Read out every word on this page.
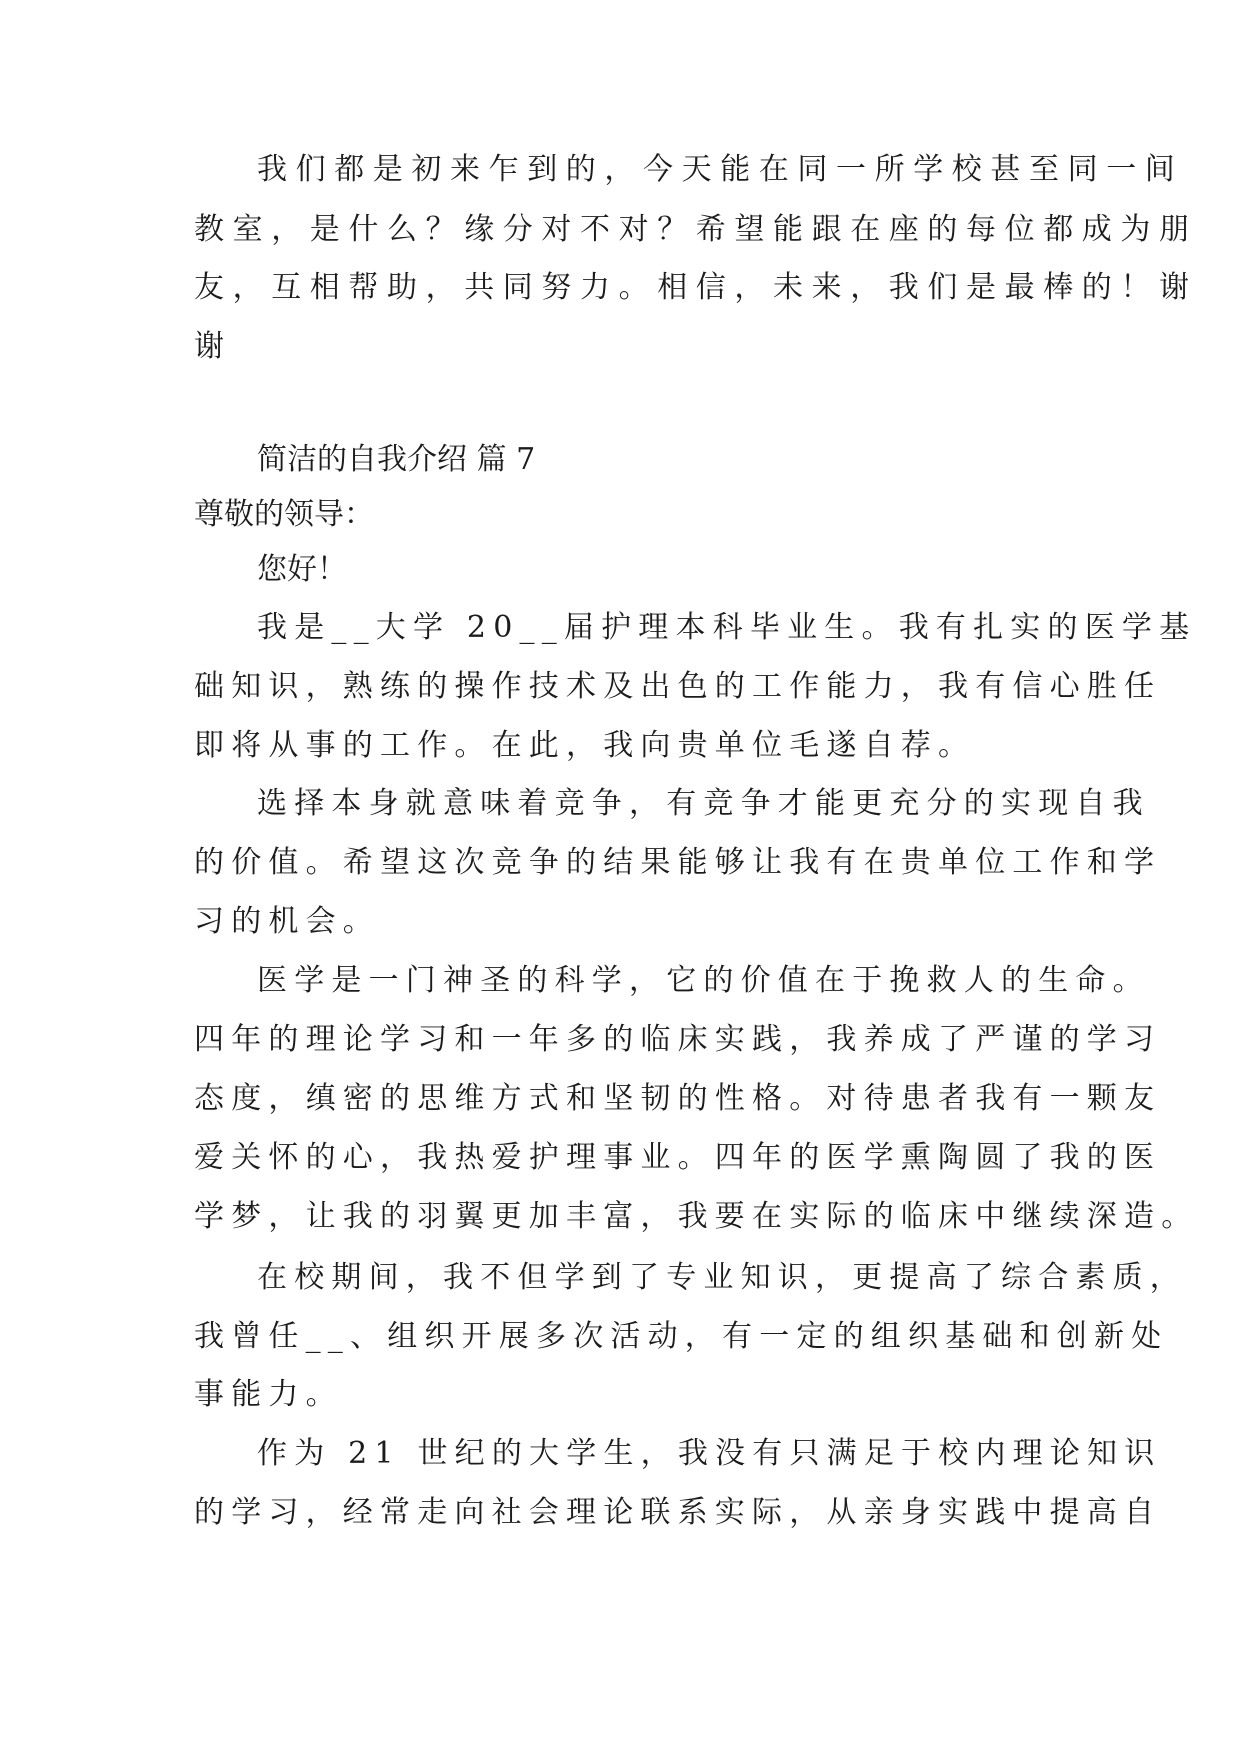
我们都是初来乍到的，今天能在同一所学校甚至同一间
教室，是什么？缘分对不对？希望能跟在座的每位都成为朋
友，互相帮助，共同努力。相信，未来，我们是最棒的！谢
谢
简洁的自我介绍 篇 7
尊敬的领导：
您好！
我是__大学 20__届护理本科毕业生。我有扎实的医学基
础知识，熟练的操作技术及出色的工作能力，我有信心胜任
即将从事的工作。在此，我向贵单位毛遂自荐。
选择本身就意味着竞争，有竞争才能更充分的实现自我
的价值。希望这次竞争的结果能够让我有在贵单位工作和学
习的机会。
医学是一门神圣的科学，它的价值在于挽救人的生命。
四年的理论学习和一年多的临床实践，我养成了严谨的学习
态度，缜密的思维方式和坚韧的性格。对待患者我有一颗友
爱关怀的心，我热爱护理事业。四年的医学熏陶圆了我的医
学梦，让我的羽翼更加丰富，我要在实际的临床中继续深造。
在校期间，我不但学到了专业知识，更提高了综合素质，
我曾任__、组织开展多次活动，有一定的组织基础和创新处
事能力。
作为 21 世纪的大学生，我没有只满足于校内理论知识
的学习，经常走向社会理论联系实际，从亲身实践中提高自
